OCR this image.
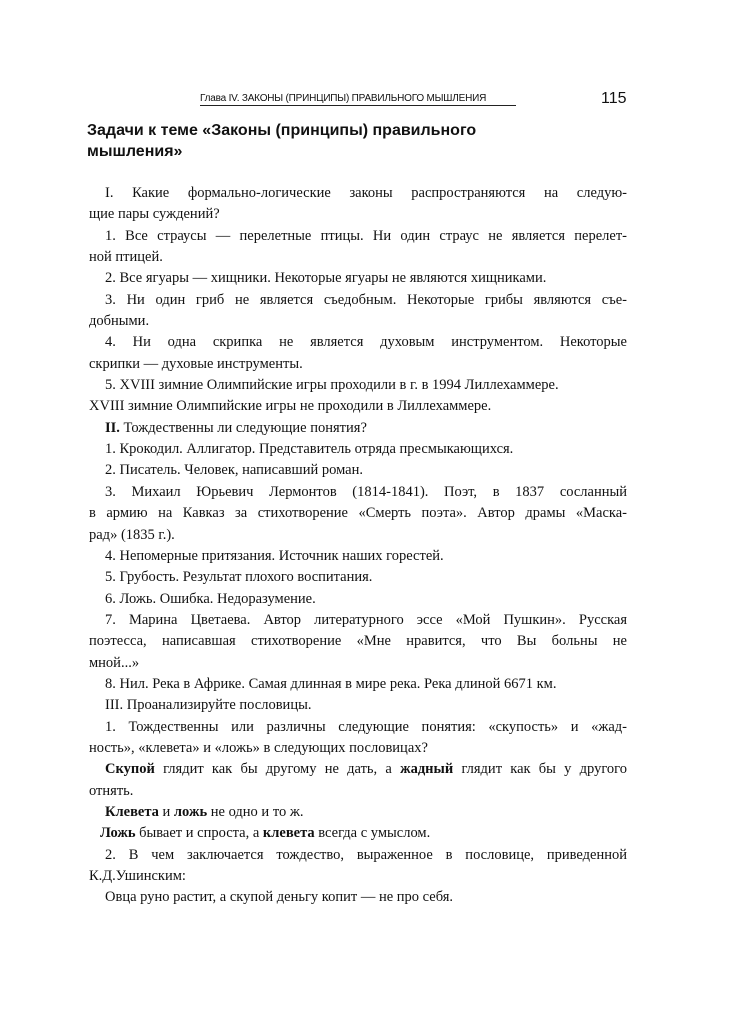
Глава IV. ЗАКОНЫ (ПРИНЦИПЫ) ПРАВИЛЬНОГО МЫШЛЕНИЯ	115
Задачи к теме «Законы (принципы) правильного мышления»
I. Какие формально-логические законы распространяются на следую-
щие пары суждений?
1. Все страусы — перелетные птицы. Ни один страус не является перелет-
ной птицей.
2. Все ягуары — хищники. Некоторые ягуары не являются хищниками.
3. Ни один гриб не является съедобным. Некоторые грибы являются съе-
добными.
4. Ни одна скрипка не является духовым инструментом. Некоторые
скрипки — духовые инструменты.
5. XVIII зимние Олимпийские игры проходили в г. в 1994 Лиллехаммере.
XVIII зимние Олимпийские игры не проходили в Лиллехаммере.
II. Тождественны ли следующие понятия?
1. Крокодил. Аллигатор. Представитель отряда пресмыкающихся.
2. Писатель. Человек, написавший роман.
3. Михаил Юрьевич Лермонтов (1814-1841). Поэт, в 1837 сосланный
в армию на Кавказ за стихотворение «Смерть поэта». Автор драмы «Маска-
рад» (1835 г.).
4. Непомерные притязания. Источник наших горестей.
5. Грубость. Результат плохого воспитания.
6. Ложь. Ошибка. Недоразумение.
7. Марина Цветаева. Автор литературного эссе «Мой Пушкин». Русская
поэтесса, написавшая стихотворение «Мне нравится, что Вы больны не
мной...»
8. Нил. Река в Африке. Самая длинная в мире река. Река длиной 6671 км.
III. Проанализируйте пословицы.
1. Тождественны или различны следующие понятия: «скупость» и «жад-
ность», «клевета» и «ложь» в следующих пословицах?
Скупой глядит как бы другому не дать, а жадный глядит как бы у другого
отнять.
Клевета и ложь не одно и то ж.
Ложь бывает и спроста, а клевета всегда с умыслом.
2. В чем заключается тождество, выраженное в пословице, приведенной
К.Д.Ушинским:
Овца руно растит, а скупой деньгу копит — не про себя.
